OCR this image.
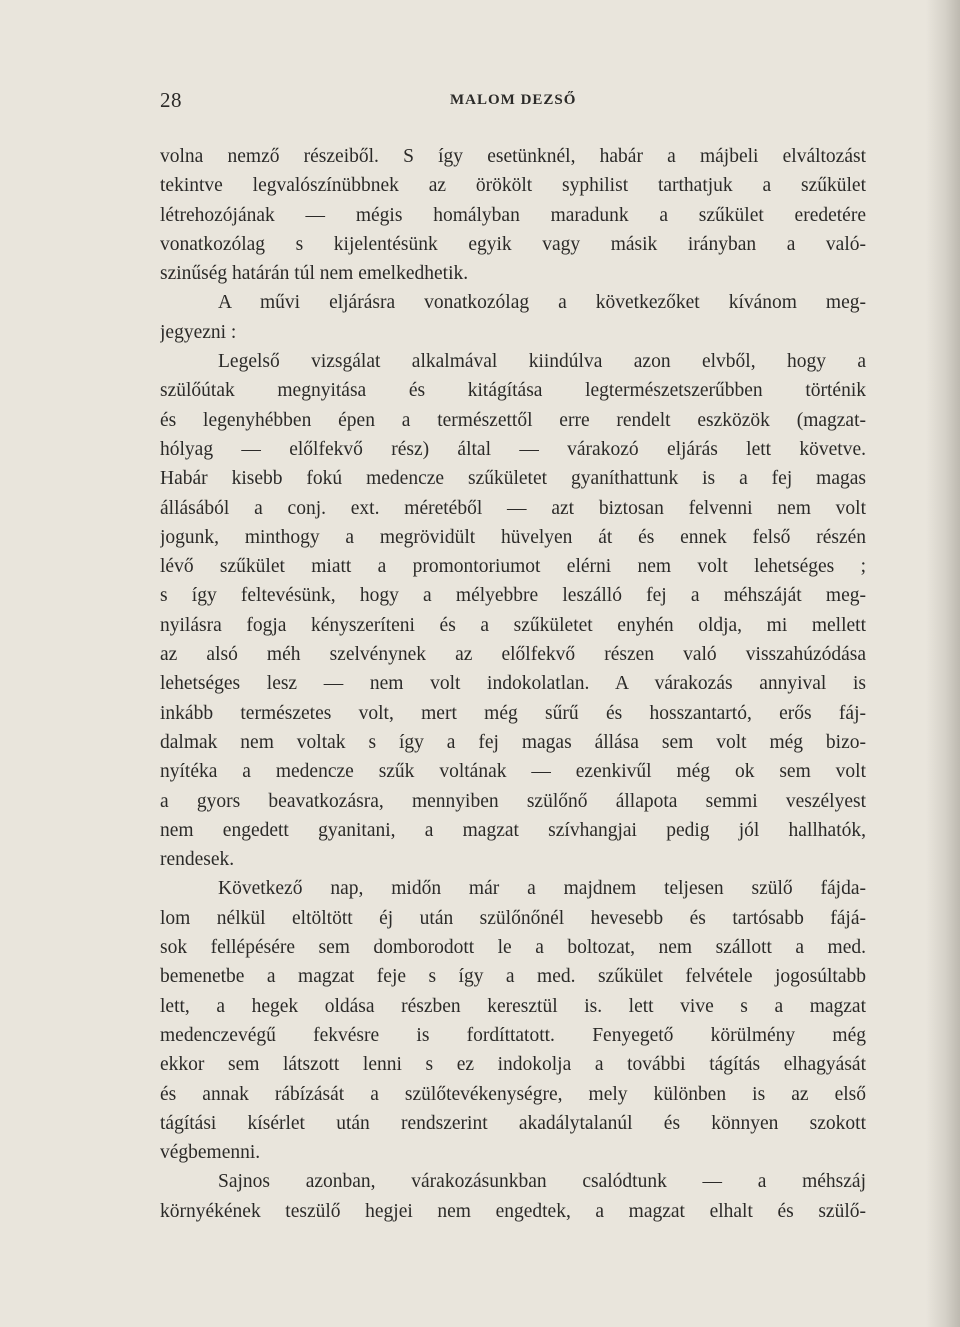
28	MALOM DEZSŐ
volna nemző részeiből. S így esetünknél, habár a májbeli elváltozást
tekintve legvalószínübbnek az örökölt syphilist tarthatjuk a szűkület
létrehozójának — mégis homályban maradunk a szűkület eredetére
vonatkozólag s kijelentésünk egyik vagy másik irányban a való-
szinűség határán túl nem emelkedhetik.
A művi eljárásra vonatkozólag a következőket kívánom meg-
jegyezni :
Legelső vizsgálat alkalmával kiindúlva azon elvből, hogy a
szülőútak megnyitása és kitágítása legtermészetszerűbben történik
és legenyhébben épen a természettől erre rendelt eszközök (magzat-
hólyag — előlfekvő rész) által — várakozó eljárás lett követve.
Habár kisebb fokú medencze szűkületet gyaníthattunk is a fej magas
állásából a conj. ext. méretéből — azt biztosan felvenni nem volt
jogunk, minthogy a megrövidült hüvelyen át és ennek felső részén
lévő szűkület miatt a promontoriumot elérni nem volt lehetséges ;
s így feltevésünk, hogy a mélyebbre leszálló fej a méhszáját meg-
nyilásra fogja kényszeríteni és a szűkületet enyhén oldja, mi mellett
az alsó méh szelvénynek az előlfekvő részen való visszahúzódása
lehetséges lesz — nem volt indokolatlan. A várakozás annyival is
inkább természetes volt, mert még sűrű és hosszantartó, erős fáj-
dalmak nem voltak s így a fej magas állása sem volt még bizo-
nyítéka a medencze szűk voltának — ezenkivűl még ok sem volt
a gyors beavatkozásra, mennyiben szülőnő állapota semmi veszélyest
nem engedett gyanitani, a magzat szívhangjai pedig jól hallhatók,
rendesek.
Következő nap, midőn már a majdnem teljesen szülő fájda-
lom nélkül eltöltött éj után szülőnőnél hevesebb és tartósabb fájá-
sok fellépésére sem domborodott le a boltozat, nem szállott a med.
bemenetbe a magzat feje s így a med. szűkület felvétele jogosúltabb
lett, a hegek oldása részben keresztül is. lett vive s a magzat
medenczevégű fekvésre is fordíttatott. Fenyegető körülmény még
ekkor sem látszott lenni s ez indokolja a további tágítás elhagyását
és annak rábízását a szülőtevékenységre, mely különben is az első
tágítási kísérlet után rendszerint akadálytalanúl és könnyen szokott
végbemenni.
Sajnos azonban, várakozásunkban csalódtunk — a méhszáj
környékének teszülő hegjei nem engedtek, a magzat elhalt és szülő-
